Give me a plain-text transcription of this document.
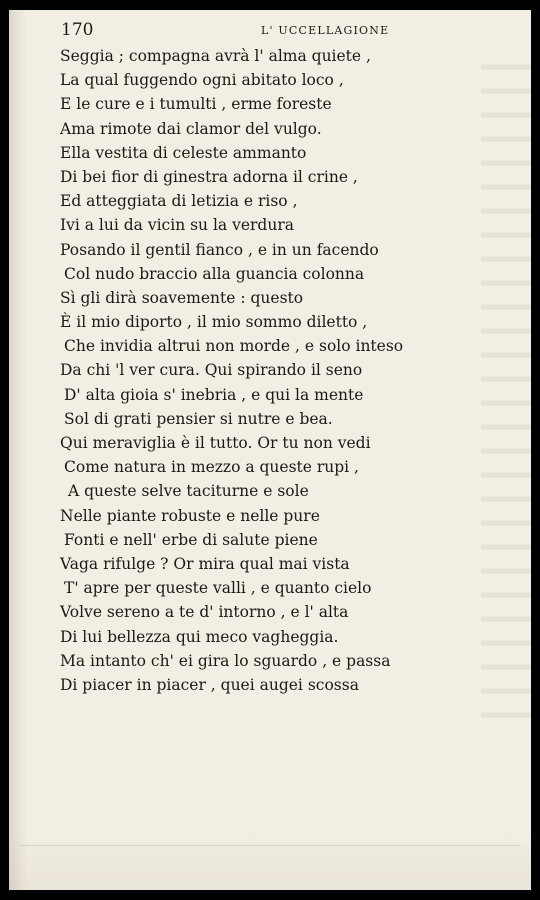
170	L' UCCELLAGIONE
Seggia ; compagna avrà l' alma quiete ,
La qual fuggendo ogni abitato loco ,
E le cure e i tumulti , erme foreste
Ama rimote dai clamor del vulgo.
Ella vestita di celeste ammanto
Di bei fior di ginestra adorna il crine ,
Ed atteggiata di letizia e riso ,
Ivi a lui da vicin su la verdura
Posando il gentil fianco , e in un facendo
Col nudo braccio alla guancia colonna
Sì gli dirà soavemente : questo
È il mio diporto , il mio sommo diletto ,
Che invidia altrui non morde , e solo inteso
Da chi 'l ver cura. Qui spirando il seno
D' alta gioia s' inebria , e qui la mente
Sol di grati pensier si nutre e bea.
Qui meraviglia è il tutto. Or tu non vedi
Come natura in mezzo a queste rupi ,
A queste selve taciturne e sole
Nelle piante robuste e nelle pure
Fonti e nell' erbe di salute piene
Vaga rifulge ? Or mira qual mai vista
T' apre per queste valli , e quanto cielo
Volve sereno a te d' intorno , e l' alta
Di lui bellezza qui meco vagheggia.
Ma intanto ch' ei gira lo sguardo , e passa
Di piacer in piacer , quei augei scossa
